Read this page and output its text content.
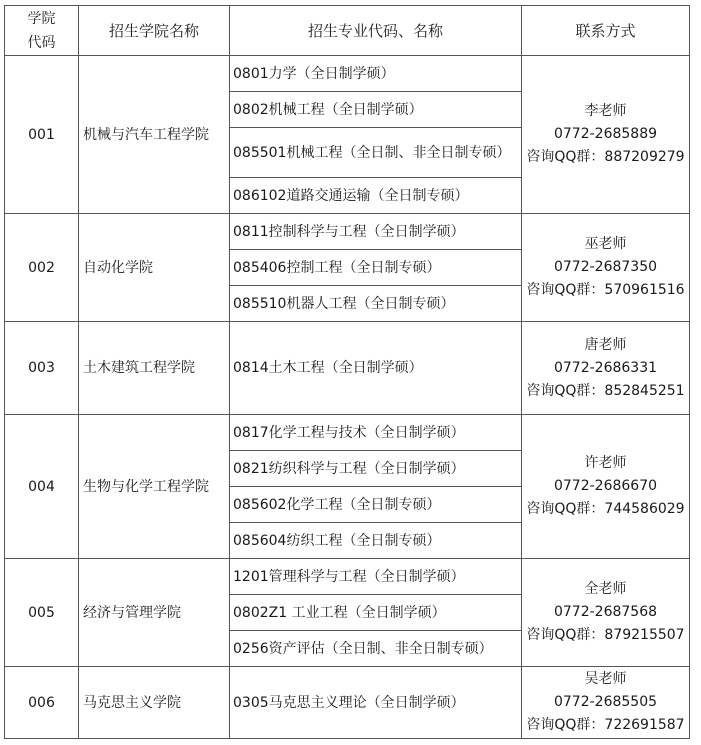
学院
代码	招生学院名称	招生专业代码、名称	联系方式
001	机械与汽车工程学院	0801力学（全日制学硕）	李老师
0772-2685889
咨询QQ群：887209279

		0802机械工程（全日制学硕）	
		085501机械工程（全日制、非全日制专硕）	
		086102道路交通运输（全日制专硕）	
002	自动化学院	0811控制科学与工程（全日制学硕）	巫老师
0772-2687350
咨询QQ群：570961516

		085406控制工程（全日制专硕）	
		085510机器人工程（全日制专硕）	
003	土木建筑工程学院	0814土木工程（全日制学硕）	唐老师
0772-2686331
咨询QQ群：852845251

004	生物与化学工程学院	0817化学工程与技术（全日制学硕）	许老师
0772-2686670
咨询QQ群：744586029

		0821纺织科学与工程（全日制学硕）	
		085602化学工程（全日制专硕）	
		085604纺织工程（全日制专硕）	
005	经济与管理学院	1201管理科学与工程（全日制学硕）	全老师
0772-2687568
咨询QQ群：879215507

		0802Z1 工业工程（全日制学硕）	
		0256资产评估（全日制、非全日制专硕）	
006	马克思主义学院	0305马克思主义理论（全日制学硕）	吴老师
0772-2685505
咨询QQ群：722691587
